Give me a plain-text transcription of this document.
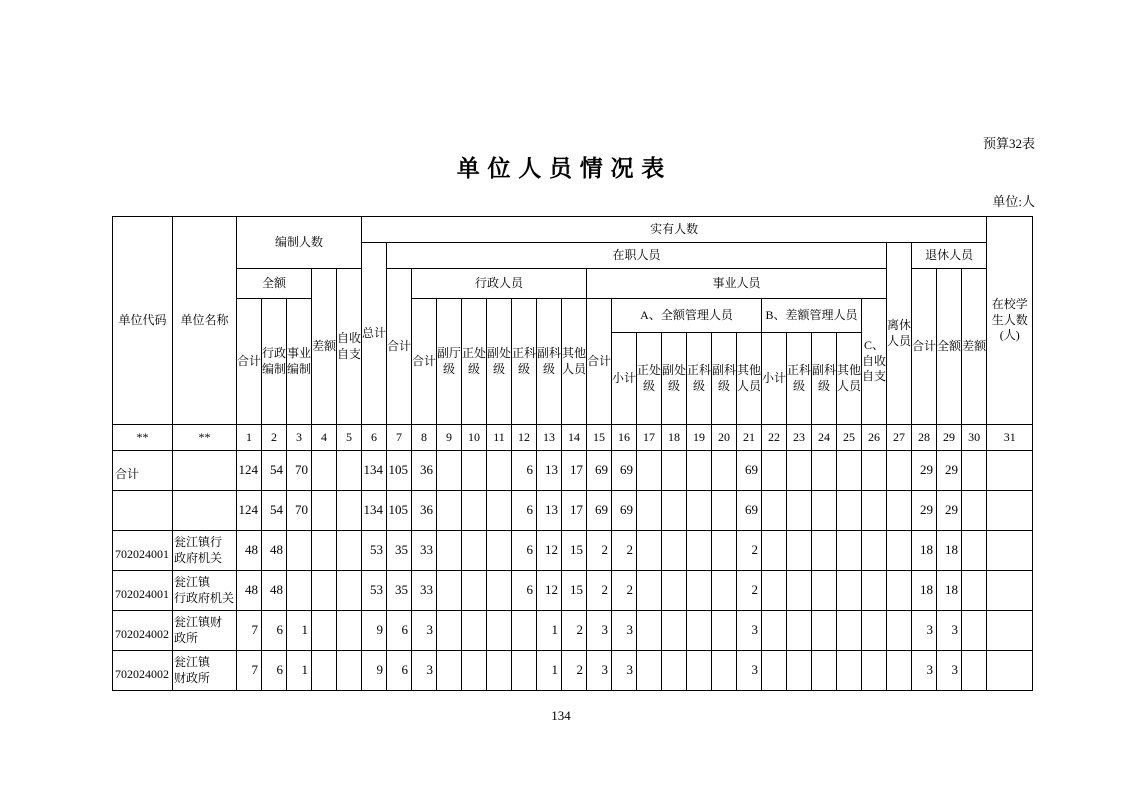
预算32表
单 位 人 员 情 况 表
单位:人
单位代码	单位名称	编制人数					实有人数																									在校学生人数(人)
							总计	在职人员																				离休人员	退休人员			
		全额			差额	自收自支		合计	行政人员							事业人员													合计	全额	差额	
		合计	行政编制	事业编制					合计	副厅级	正处级	副处级	正科级	副科级	其他人员	合计	A、全额管理人员						B、差额管理人员				C、自收自支					
																	小计	正处级	副处级	正科级	副科级	其他人员	小计	正科级	副科级	其他人员						
**	**	1	2	3	4	5	6	7	8	9	10	11	12	13	14	15	16	17	18	19	20	21	22	23	24	25	26	27	28	29	30	31
合计		124	54	70			134	105	36				6	13	17	69	69					69							29	29		
		124	54	70			134	105	36				6	13	17	69	69					69							29	29		
702024001	瓮江镇行
政府机关	48	48				53	35	33				6	12	15	2	2					2							18	18		
702024001	瓮江镇
行政府机关	48	48				53	35	33				6	12	15	2	2					2							18	18		
702024002	瓮江镇财
政所	7	6	1			9	6	3					1	2	3	3					3							3	3		
702024002	瓮江镇
财政所	7	6	1			9	6	3					1	2	3	3					3							3	3		
134
